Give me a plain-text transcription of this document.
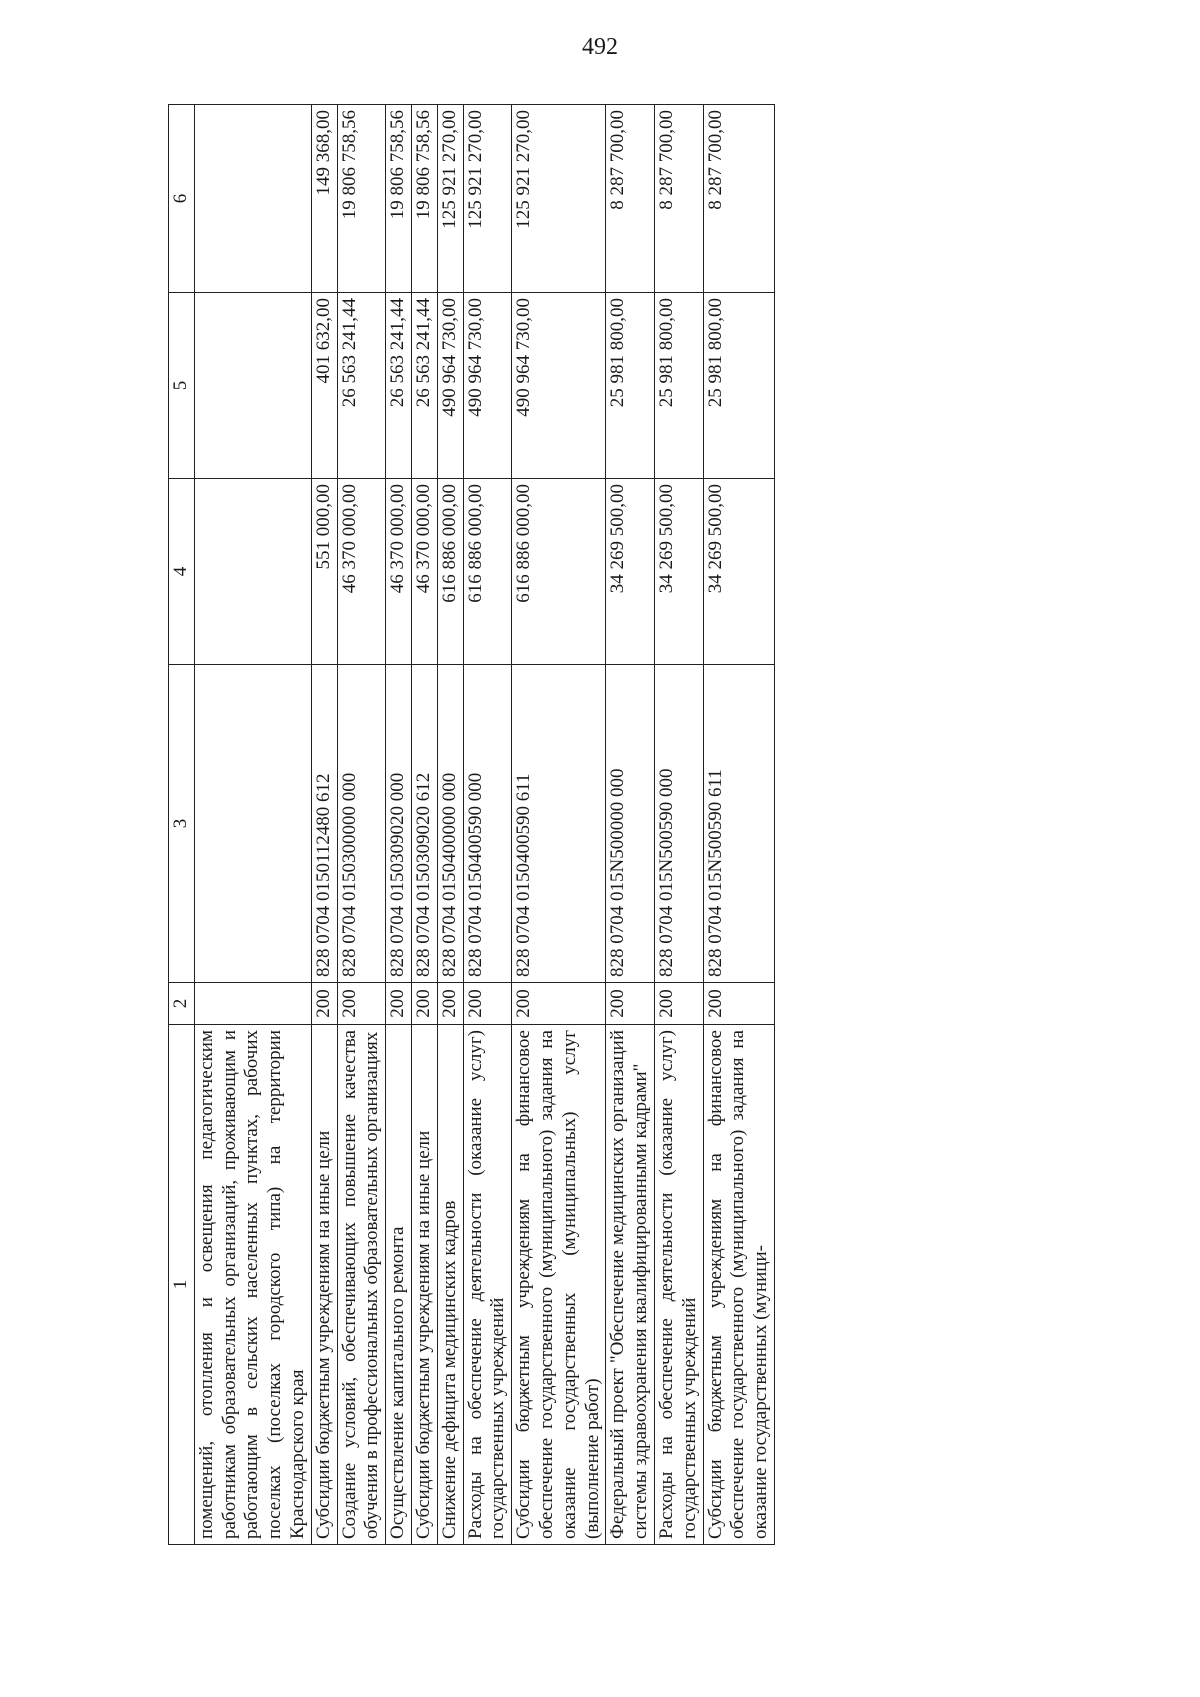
492
1	2	3	4	5	6
помещений, отопления и освещения педагогическим работникам образовательных организаций, проживающим и работающим в сельских населенных пунктах, рабочих поселках (поселках городского типа) на территории Краснодарского края					
Субсидии бюджетным учреждениям на иные цели	200	828 0704 0150112480 612	551 000,00	401 632,00	149 368,00
Создание условий, обеспечивающих повышение качества обучения в профессиональных образовательных организациях	200	828 0704 0150300000 000	46 370 000,00	26 563 241,44	19 806 758,56
Осуществление капитального ремонта	200	828 0704 0150309020 000	46 370 000,00	26 563 241,44	19 806 758,56
Субсидии бюджетным учреждениям на иные цели	200	828 0704 0150309020 612	46 370 000,00	26 563 241,44	19 806 758,56
Снижение дефицита медицинских кадров	200	828 0704 0150400000 000	616 886 000,00	490 964 730,00	125 921 270,00
Расходы на обеспечение деятельности (оказание услуг) государственных учреждений	200	828 0704 0150400590 000	616 886 000,00	490 964 730,00	125 921 270,00
Субсидии бюджетным учреждениям на финансовое обеспечение государственного (муниципального) задания на оказание государственных (муниципальных) услуг (выполнение работ)	200	828 0704 0150400590 611	616 886 000,00	490 964 730,00	125 921 270,00
Федеральный проект "Обеспечение медицинских организаций системы здравоохранения квалифицированными кадрами"	200	828 0704 015N500000 000	34 269 500,00	25 981 800,00	8 287 700,00
Расходы на обеспечение деятельности (оказание услуг) государственных учреждений	200	828 0704 015N500590 000	34 269 500,00	25 981 800,00	8 287 700,00
Субсидии бюджетным учреждениям на финансовое обеспечение государственного (муниципального) задания на оказание государственных (муници-	200	828 0704 015N500590 611	34 269 500,00	25 981 800,00	8 287 700,00
